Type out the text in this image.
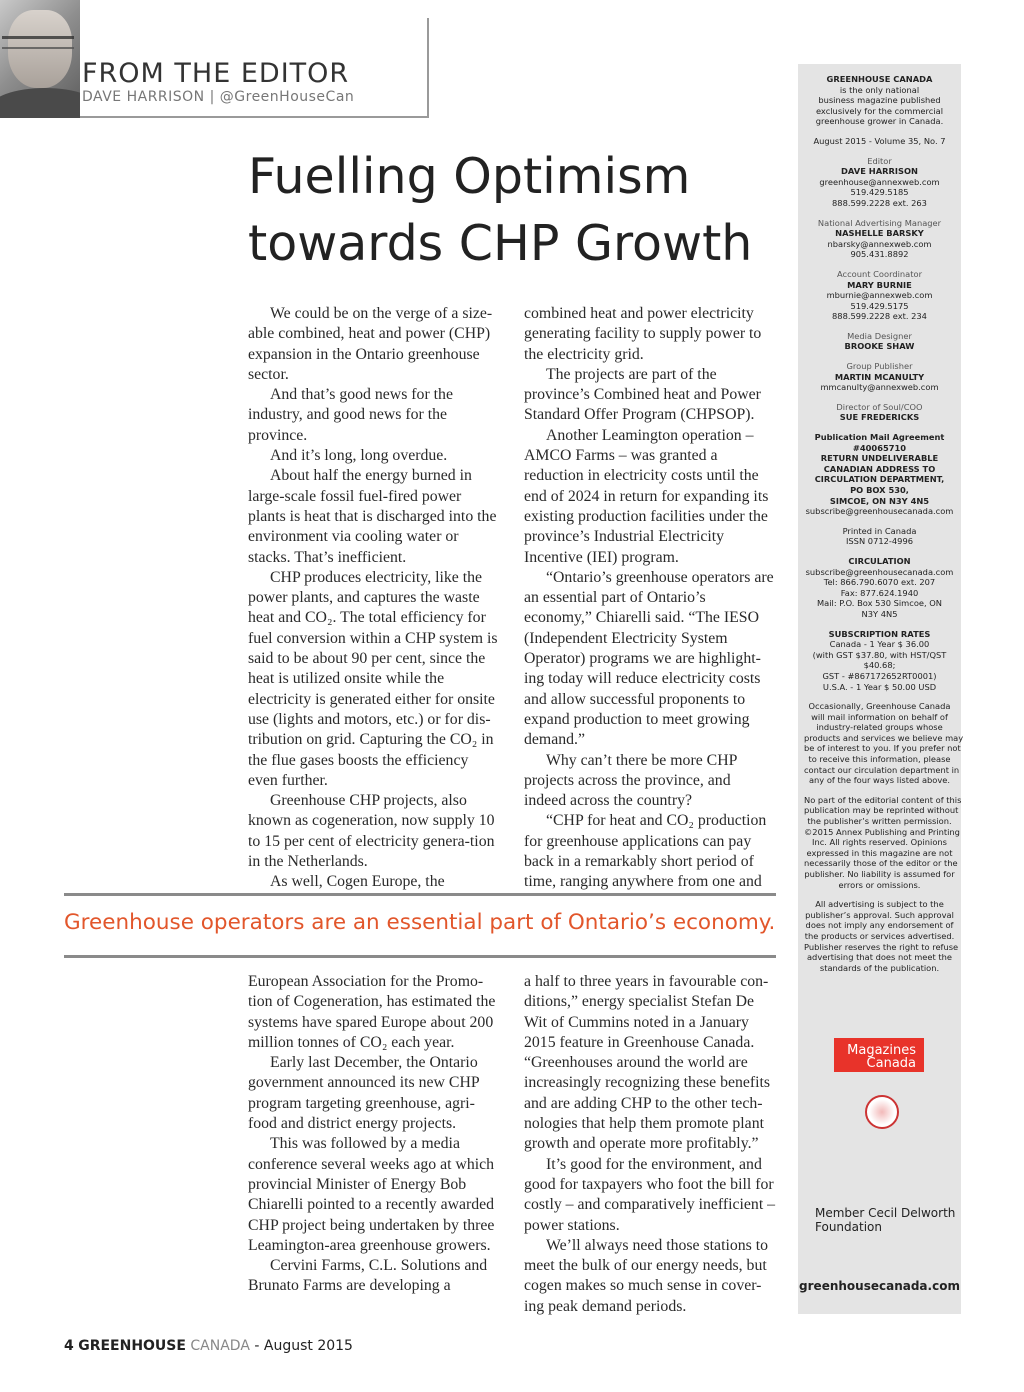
FROM THE EDITOR
DAVE HARRISON | @GreenHouseCan
Fuelling Optimism
towards CHP Growth

We could be on the verge of a size-able combined, heat and power (CHP) expansion in the Ontario greenhouse sector.

And that’s good news for the industry, and good news for the province.

And it’s long, long overdue.

About half the energy burned in large-scale fossil fuel-fired power plants is heat that is discharged into the environment via cooling water or stacks. That’s inefficient.

CHP produces electricity, like the power plants, and captures the waste heat and CO₂. The total efficiency for fuel conversion within a CHP system is said to be about 90 per cent, since the heat is utilized onsite while the electricity is generated either for onsite use (lights and motors, etc.) or for dis-tribution on grid. Capturing the CO₂ in the flue gases boosts the efficiency even further.

Greenhouse CHP projects, also known as cogeneration, now supply 10 to 15 per cent of electricity genera-tion in the Netherlands.

As well, Cogen Europe, the

combined heat and power electricity generating facility to supply power to the electricity grid.

The projects are part of the province’s Combined heat and Power Standard Offer Program (CHPSOP).

Another Leamington operation – AMCO Farms – was granted a reduction in electricity costs until the end of 2024 in return for expanding its existing production facilities under the province’s Industrial Electricity Incentive (IEI) program.

“Ontario’s greenhouse operators are an essential part of Ontario’s economy,” Chiarelli said. “The IESO (Independent Electricity System Operator) programs we are highlight-ing today will reduce electricity costs and allow successful proponents to expand production to meet growing demand.”

Why can’t there be more CHP projects across the province, and indeed across the country?

“CHP for heat and CO₂ production for greenhouse applications can pay back in a remarkably short period of time, ranging anywhere from one and

Greenhouse operators are an essential part of Ontario’s economy.

European Association for the Promo-tion of Cogeneration, has estimated the systems have spared Europe about 200 million tonnes of CO₂ each year.

Early last December, the Ontario government announced its new CHP program targeting greenhouse, agri-food and district energy projects.

This was followed by a media conference several weeks ago at which provincial Minister of Energy Bob Chiarelli pointed to a recently awarded CHP project being undertaken by three Leamington-area greenhouse growers.

Cervini Farms, C.L. Solutions and Brunato Farms are developing a

a half to three years in favourable con-ditions,” energy specialist Stefan De Wit of Cummins noted in a January 2015 feature in Greenhouse Canada. “Greenhouses around the world are increasingly recognizing these benefits and are adding CHP to the other tech-nologies that help them promote plant growth and operate more profitably.”

It’s good for the environment, and good for taxpayers who foot the bill for costly – and comparatively inefficient – power stations.

We’ll always need those stations to meet the bulk of our energy needs, but cogen makes so much sense in cover-ing peak demand periods.

4 GREENHOUSE CANADA - August 2015
GREENHOUSE CANADA
is the only national
business magazine published
exclusively for the commercial
greenhouse grower in Canada.
August 2015 - Volume 35, No. 7
Editor
DAVE HARRISON
greenhouse@annexweb.com
519.429.5185
888.599.2228 ext. 263
National Advertising Manager
NASHELLE BARSKY
nbarsky@annexweb.com
905.431.8892
Account Coordinator
MARY BURNIE
mburnie@annexweb.com
519.429.5175
888.599.2228 ext. 234
Media Designer
BROOKE SHAW
Group Publisher
MARTIN MCANULTY
mmcanulty@annexweb.com
Director of Soul/COO
SUE FREDERICKS
Publication Mail Agreement
#40065710
RETURN UNDELIVERABLE
CANADIAN ADDRESS TO
CIRCULATION DEPARTMENT,
PO BOX 530,
SIMCOE, ON N3Y 4N5
subscribe@greenhousecanada.com
Printed in Canada
ISSN 0712-4996
CIRCULATION
subscribe@greenhousecanada.com
Tel: 866.790.6070 ext. 207
Fax: 877.624.1940
Mail: P.O. Box 530 Simcoe, ON
N3Y 4N5
SUBSCRIPTION RATES
Canada - 1 Year $ 36.00
(with GST $37.80, with HST/QST
$40.68;
GST - #867172652RT0001)
U.S.A. - 1 Year $ 50.00 USD
Occasionally, Greenhouse Canada
will mail information on behalf of
industry-related groups whose
products and services we believe may
be of interest to you. If you prefer not
to receive this information, please
contact our circulation department in
any of the four ways listed above.
No part of the editorial content of this
publication may be reprinted without
the publisher’s written permission.
©2015 Annex Publishing and Printing
Inc. All rights reserved. Opinions
expressed in this magazine are not
necessarily those of the editor or the
publisher. No liability is assumed for
errors or omissions.
All advertising is subject to the
publisher’s approval. Such approval
does not imply any endorsement of
the products or services advertised.
Publisher reserves the right to refuse
advertising that does not meet the
standards of the publication.
Magazines
Canada
Member Cecil Delworth
Foundation
greenhousecanada.com
